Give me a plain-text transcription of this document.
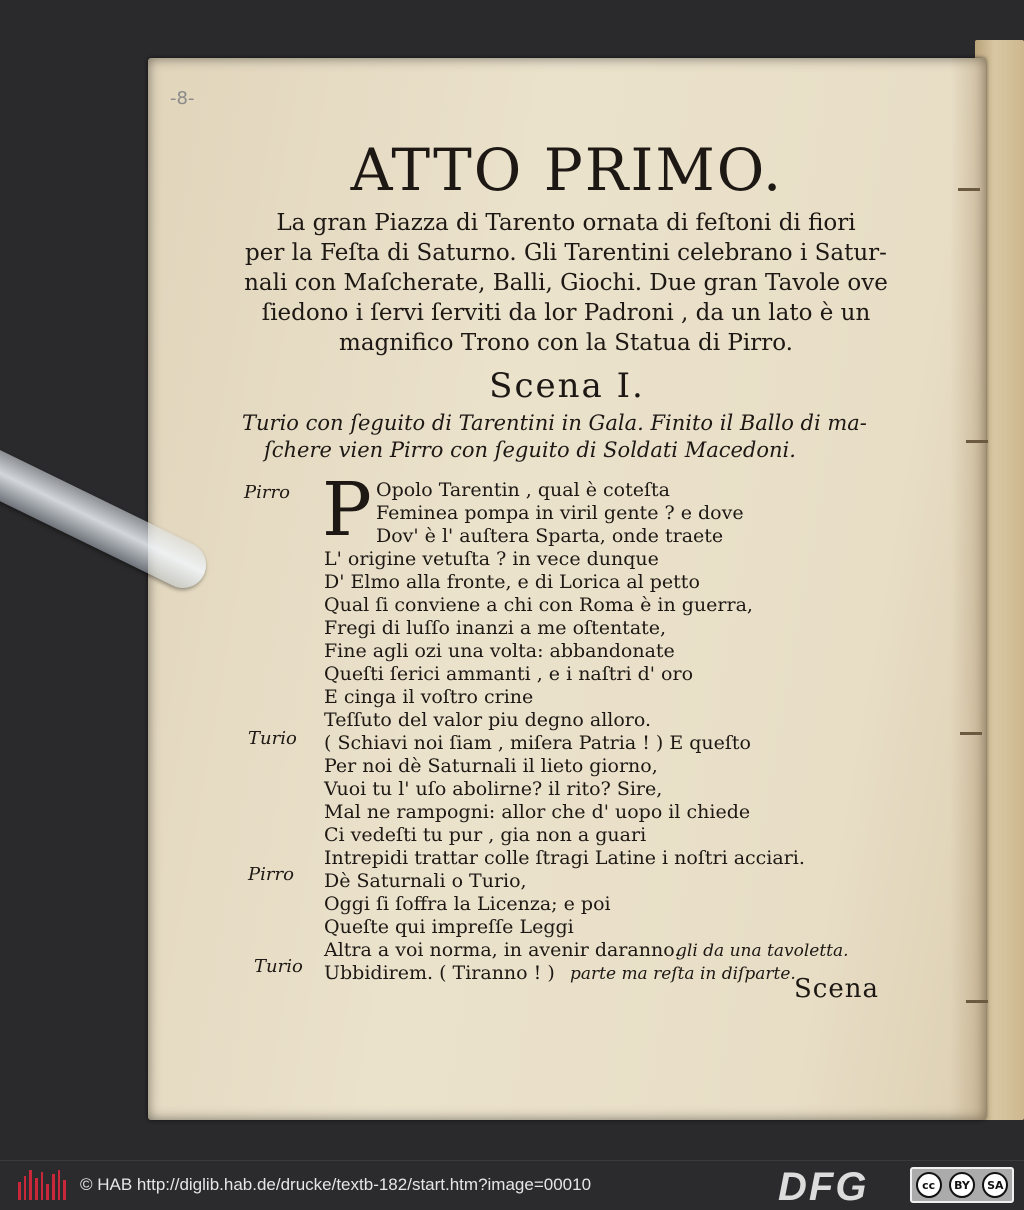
-8-
ATTO PRIMO.
La gran Piazza di Tarento ornata di feſtoni di fiori
per la Feſta di Saturno. Gli Tarentini celebrano i Satur-
nali con Maſcherate, Balli, Giochi. Due gran Tavole ove
ſiedono i ſervi ſerviti da lor Padroni , da un lato è un
magnifico Trono con la Statua di Pirro.
Scena I.
Turio con ſeguito di Tarentini in Gala. Finito il Ballo di ma-
ſchere vien Pirro con ſeguito di Soldati Macedoni.
Pirro
Turio
Pirro
Turio
P Opolo Tarentin , qual è coteſta
Feminea pompa in viril gente ? e dove
Dov' è l' auſtera Sparta, onde traete
L' origine vetuſta ? in vece dunque
D' Elmo alla fronte, e di Lorica al petto
Qual ſi conviene a chi con Roma è in guerra,
Fregi di luſſo inanzi a me oſtentate,
Fine agli ozi una volta: abbandonate
Queſti ſerici ammanti , e i naſtri d' oro
E cinga il voſtro crine
Teſſuto del valor piu degno alloro.
( Schiavi noi ſiam , miſera Patria ! ) E queſto
Per noi dè Saturnali il lieto giorno,
Vuoi tu l' uſo abolirne? il rito? Sire,
Mal ne rampogni: allor che d' uopo il chiede
Ci vedeſti tu pur , gia non a guari
Intrepidi trattar colle ſtragi Latine i noſtri acciari.
Dè Saturnali o Turio,
Oggi ſi ſoffra la Licenza; e poi
Queſte qui impreſſe Leggi
Altra a voi norma, in avenir daranno.
Ubbidirem. ( Tiranno ! )
gli da una tavoletta.
parte ma reſta in diſparte.
Scena
© HAB http://diglib.hab.de/drucke/textb-182/start.htm?image=00010	DFG	cc	BY	SA
